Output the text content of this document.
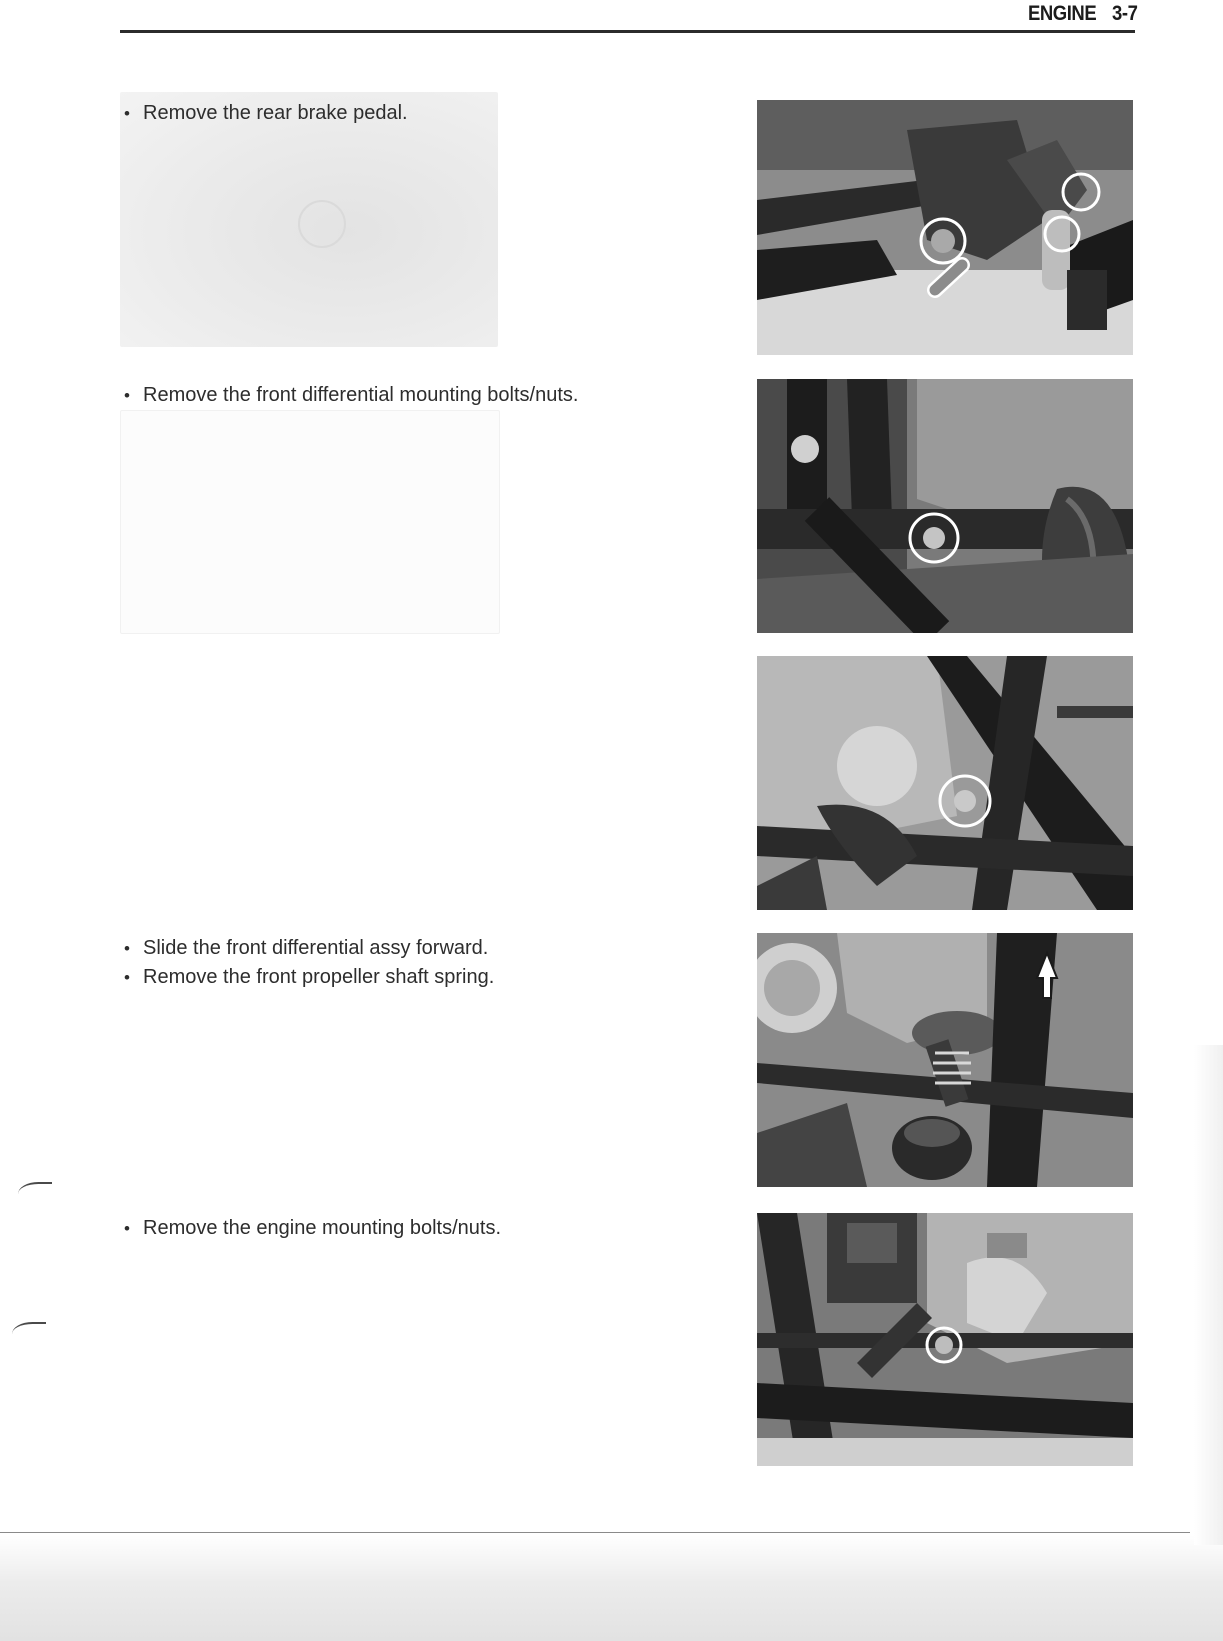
ENGINE 3-7
• Remove the rear brake pedal.
• Remove the front differential mounting bolts/nuts.
• Slide the front differential assy forward.
• Remove the front propeller shaft spring.
• Remove the engine mounting bolts/nuts.
